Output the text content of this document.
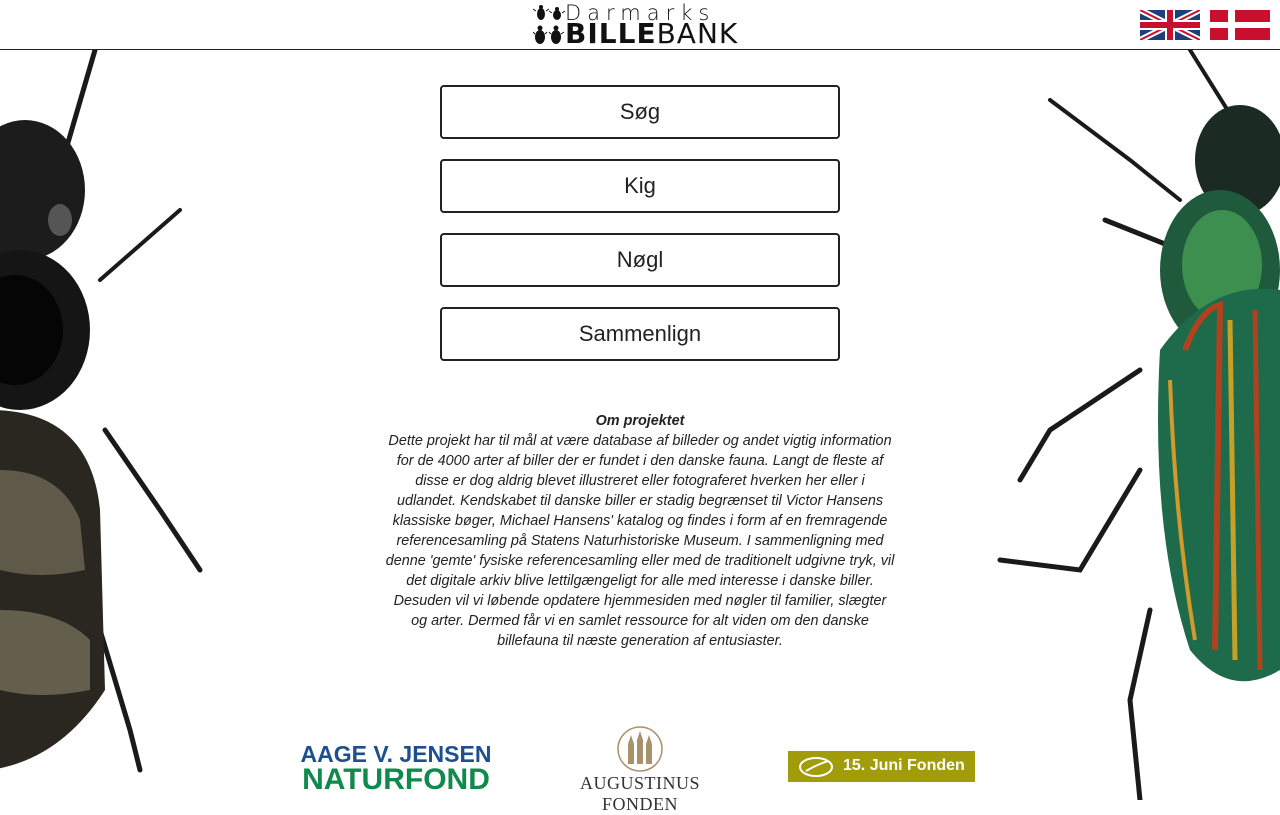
Darmarks
BILLEBANK
Søg
Kig
Nøgl
Sammenlign
Om projektet
Dette projekt har til mål at være database af billeder og andet vigtig information for de 4000 arter af biller der er fundet i den danske fauna. Langt de fleste af disse er dog aldrig blevet illustreret eller fotograferet hverken her eller i udlandet. Kendskabet til danske biller er stadig begrænset til Victor Hansens klassiske bøger, Michael Hansens' katalog og findes i form af en fremragende referencesamling på Statens Naturhistoriske Museum. I sammenligning med denne 'gemte' fysiske referencesamling eller med de traditionelt udgivne tryk, vil det digitale arkiv blive lettilgængeligt for alle med interesse i danske biller. Desuden vil vi løbende opdatere hjemmesiden med nøgler til familier, slægter og arter. Dermed får vi en samlet ressource for alt viden om den danske billefauna til næste generation af entusiaster.
AAGE V. JENSEN
NATURFOND	AUGUSTINUS FONDEN
15. Juni Fonden
